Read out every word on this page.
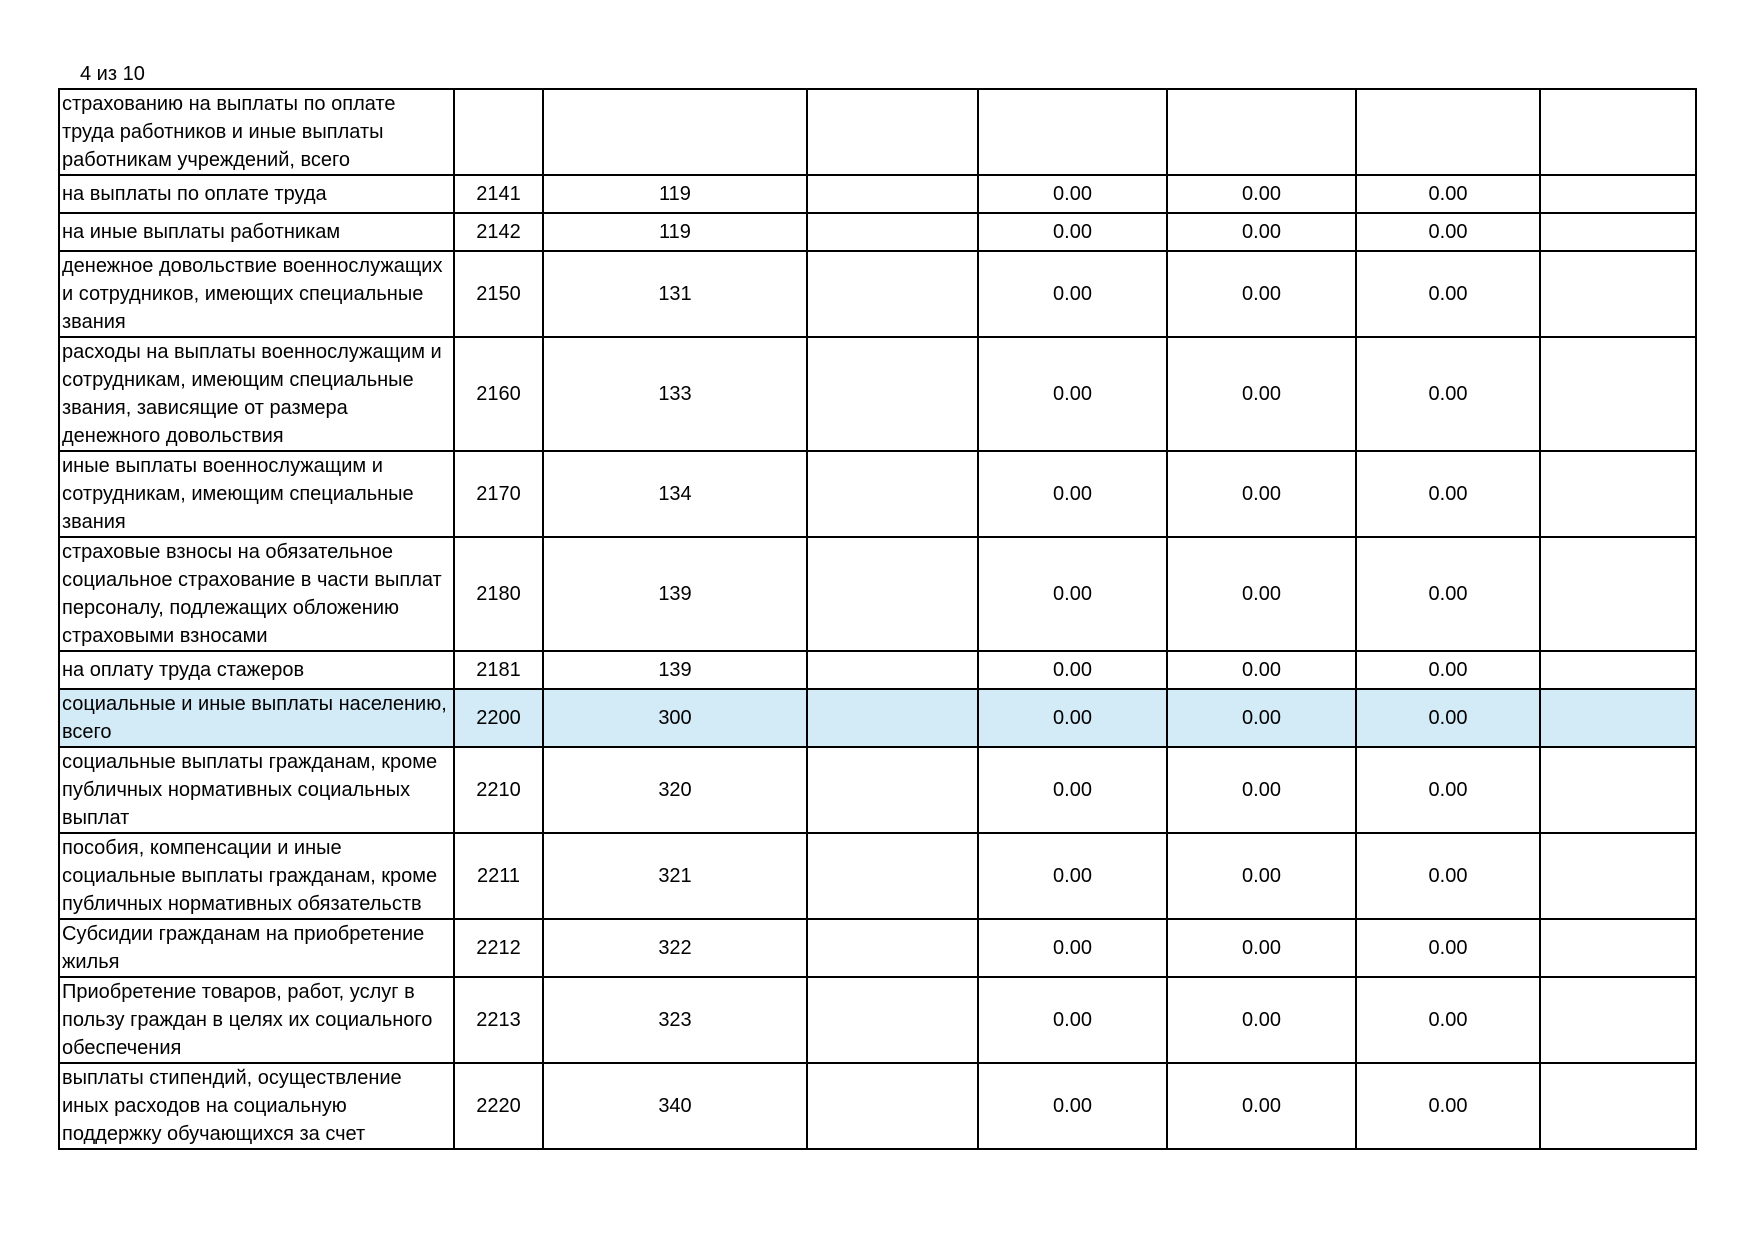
4 из 10
страхованию на выплаты по оплате труда работников и иные выплаты работникам учреждений, всего							
на выплаты по оплате труда	2141	119		0.00	0.00	0.00	
на иные выплаты работникам	2142	119		0.00	0.00	0.00	
денежное довольствие военнослужащих и сотрудников, имеющих специальные звания	2150	131		0.00	0.00	0.00	
расходы на выплаты военнослужащим и сотрудникам, имеющим специальные звания, зависящие от размера денежного довольствия	2160	133		0.00	0.00	0.00	
иные выплаты военнослужащим и сотрудникам, имеющим специальные звания	2170	134		0.00	0.00	0.00	
страховые взносы на обязательное социальное страхование в части выплат персоналу, подлежащих обложению страховыми взносами	2180	139		0.00	0.00	0.00	
на оплату труда стажеров	2181	139		0.00	0.00	0.00	
социальные и иные выплаты населению, всего	2200	300		0.00	0.00	0.00	
социальные выплаты гражданам, кроме публичных нормативных социальных выплат	2210	320		0.00	0.00	0.00	
пособия, компенсации и иные социальные выплаты гражданам, кроме публичных нормативных обязательств	2211	321		0.00	0.00	0.00	
Субсидии гражданам на приобретение жилья	2212	322		0.00	0.00	0.00	
Приобретение товаров, работ, услуг в пользу граждан в целях их социального обеспечения	2213	323		0.00	0.00	0.00	
выплаты стипендий, осуществление иных расходов на социальную поддержку обучающихся за счет	2220	340		0.00	0.00	0.00	
